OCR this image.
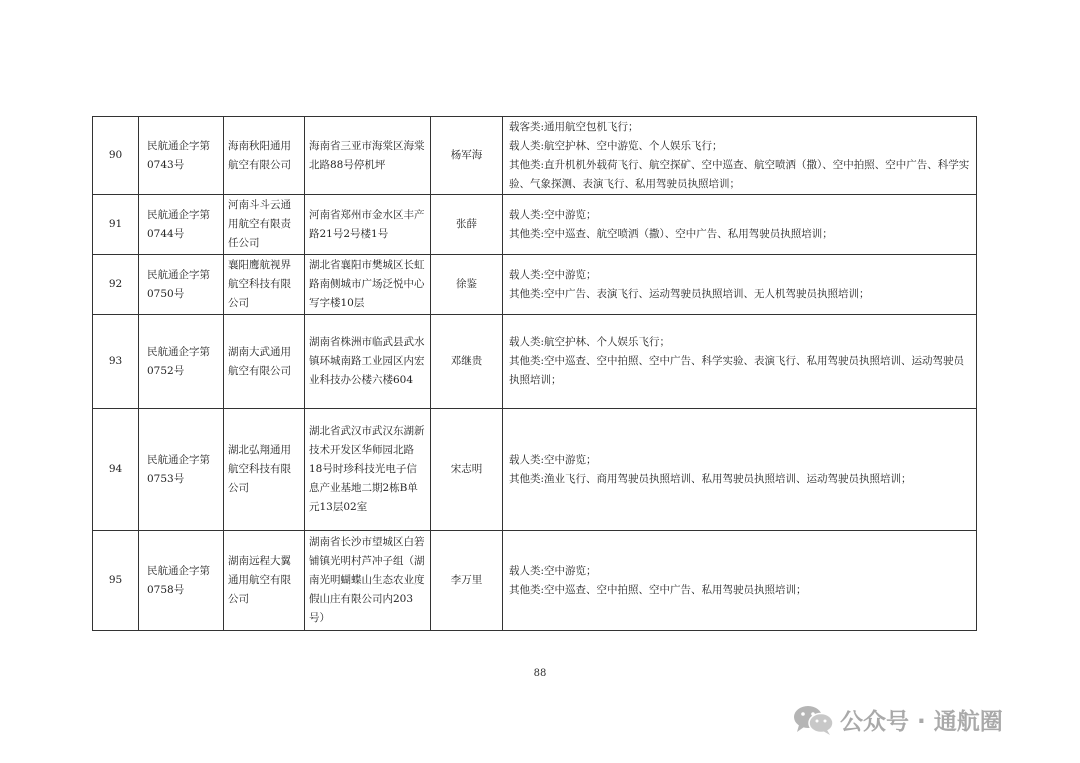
90	民航通企字第0743号	海南秋阳通用航空有限公司	海南省三亚市海棠区海棠北路88号停机坪	杨军海	载客类:通用航空包机飞行；
载人类:航空护林、空中游览、个人娱乐飞行；
其他类:直升机机外载荷飞行、航空探矿、空中巡查、航空喷洒（撒）、空中拍照、空中广告、科学实验、气象探测、表演飞行、私用驾驶员执照培训；

91	民航通企字第0744号	河南斗斗云通用航空有限责任公司	河南省郑州市金水区丰产路21号2号楼1号	张薛	载人类:空中游览；
其他类:空中巡查、航空喷洒（撒）、空中广告、私用驾驶员执照培训；

92	民航通企字第0750号	襄阳鹰航视界航空科技有限公司	湖北省襄阳市樊城区长虹路南侧城市广场泛悦中心写字楼10层	徐鉴	载人类:空中游览；
其他类:空中广告、表演飞行、运动驾驶员执照培训、无人机驾驶员执照培训；

93	民航通企字第0752号	湖南大武通用航空有限公司	湖南省株洲市临武县武水镇环城南路工业园区内宏业科技办公楼六楼604	邓继贵	载人类:航空护林、个人娱乐飞行；
其他类:空中巡查、空中拍照、空中广告、科学实验、表演飞行、私用驾驶员执照培训、运动驾驶员执照培训；

94	民航通企字第0753号	湖北弘翔通用航空科技有限公司	湖北省武汉市武汉东湖新技术开发区华师园北路18号时珍科技光电子信息产业基地二期2栋B单元13层02室	宋志明	载人类:空中游览；
其他类:渔业飞行、商用驾驶员执照培训、私用驾驶员执照培训、运动驾驶员执照培训；

95	民航通企字第0758号	湖南远程大翼通用航空有限公司	湖南省长沙市望城区白箬铺镇光明村芦冲子组（湖南光明蝴蝶山生态农业度假山庄有限公司内203号）	李万里	载人类:空中游览；
其他类:空中巡查、空中拍照、空中广告、私用驾驶员执照培训；
88
公众号 · 通航圈
